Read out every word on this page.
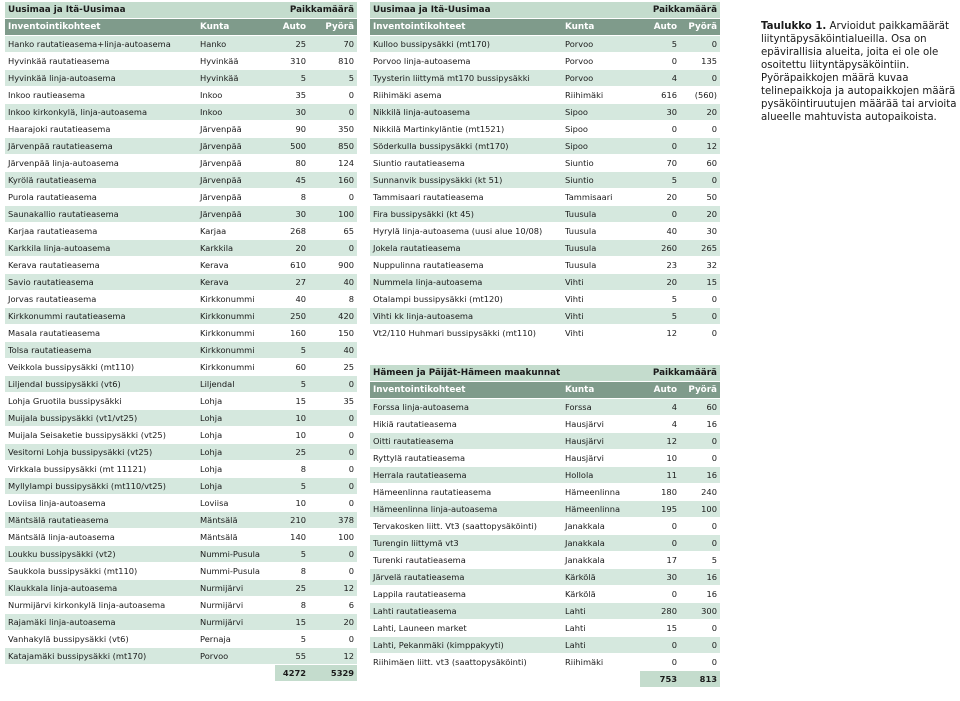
Uusimaa ja Itä-Uusimaa		Paikkamäärä	
Inventointikohteet	Kunta	Auto	Pyörä
Hanko rautatieasema+linja-autoasema	Hanko	25	70
Hyvinkää rautatieasema	Hyvinkää	310	810
Hyvinkää linja-autoasema	Hyvinkää	5	5
Inkoo rautieasema	Inkoo	35	0
Inkoo kirkonkylä, linja-autoasema	Inkoo	30	0
Haarajoki rautatieasema	Järvenpää	90	350
Järvenpää rautatieasema	Järvenpää	500	850
Järvenpää linja-autoasema	Järvenpää	80	124
Kyrölä rautatieasema	Järvenpää	45	160
Purola rautatieasema	Järvenpää	8	0
Saunakallio rautatieasema	Järvenpää	30	100
Karjaa rautatieasema	Karjaa	268	65
Karkkila linja-autoasema	Karkkila	20	0
Kerava rautatieasema	Kerava	610	900
Savio rautatieasema	Kerava	27	40
Jorvas rautatieasema	Kirkkonummi	40	8
Kirkkonummi rautatieasema	Kirkkonummi	250	420
Masala rautatieasema	Kirkkonummi	160	150
Tolsa rautatieasema	Kirkkonummi	5	40
Veikkola bussipysäkki (mt110)	Kirkkonummi	60	25
Liljendal bussipysäkki (vt6)	Liljendal	5	0
Lohja Gruotila bussipysäkki	Lohja	15	35
Muijala bussipysäkki (vt1/vt25)	Lohja	10	0
Muijala Seisaketie bussipysäkki (vt25)	Lohja	10	0
Vesitorni Lohja bussipysäkki (vt25)	Lohja	25	0
Virkkala bussipysäkki (mt 11121)	Lohja	8	0
Myllylampi bussipysäkki (mt110/vt25)	Lohja	5	0
Loviisa linja-autoasema	Loviisa	10	0
Mäntsälä rautatieasema	Mäntsälä	210	378
Mäntsälä linja-autoasema	Mäntsälä	140	100
Loukku bussipysäkki (vt2)	Nummi-Pusula	5	0
Saukkola bussipysäkki (mt110)	Nummi-Pusula	8	0
Klaukkala linja-autoasema	Nurmijärvi	25	12
Nurmijärvi kirkonkylä linja-autoasema	Nurmijärvi	8	6
Rajamäki linja-autoasema	Nurmijärvi	15	20
Vanhakylä bussipysäkki (vt6)	Pernaja	5	0
Katajamäki bussipysäkki (mt170)	Porvoo	55	12
		4272	5329
Uusimaa ja Itä-Uusimaa		Paikkamäärä	
Inventointikohteet	Kunta	Auto	Pyörä
Kulloo bussipysäkki (mt170)	Porvoo	5	0
Porvoo linja-autoasema	Porvoo	0	135
Tyysterin liittymä mt170 bussipysäkki	Porvoo	4	0
Riihimäki asema	Riihimäki	616	(560)
Nikkilä linja-autoasema	Sipoo	30	20
Nikkilä Martinkyläntie (mt1521)	Sipoo	0	0
Söderkulla bussipysäkki (mt170)	Sipoo	0	12
Siuntio rautatieasema	Siuntio	70	60
Sunnanvik bussipysäkki (kt 51)	Siuntio	5	0
Tammisaari rautatieasema	Tammisaari	20	50
Fira bussipysäkki (kt 45)	Tuusula	0	20
Hyrylä linja-autoasema (uusi alue 10/08)	Tuusula	40	30
Jokela rautatieasema	Tuusula	260	265
Nuppulinna rautatieasema	Tuusula	23	32
Nummela linja-autoasema	Vihti	20	15
Otalampi bussipysäkki (mt120)	Vihti	5	0
Vihti kk linja-autoasema	Vihti	5	0
Vt2/110 Huhmari bussipysäkki (mt110)	Vihti	12	0
Hämeen ja Päijät-Hämeen maakunnat		Paikkamäärä	
Inventointikohteet	Kunta	Auto	Pyörä
Forssa linja-autoasema	Forssa	4	60
Hikiä rautatieasema	Hausjärvi	4	16
Oitti rautatieasema	Hausjärvi	12	0
Ryttylä rautatieasema	Hausjärvi	10	0
Herrala rautatieasema	Hollola	11	16
Hämeenlinna rautatieasema	Hämeenlinna	180	240
Hämeenlinna linja-autoasema	Hämeenlinna	195	100
Tervakosken liitt. Vt3 (saattopysäköinti)	Janakkala	0	0
Turengin liittymä vt3	Janakkala	0	0
Turenki rautatieasema	Janakkala	17	5
Järvelä rautatieasema	Kärkölä	30	16
Lappila rautatieasema	Kärkölä	0	16
Lahti rautatieasema	Lahti	280	300
Lahti, Launeen market	Lahti	15	0
Lahti, Pekanmäki (kimppakyyti)	Lahti	0	0
Riihimäen liitt. vt3 (saattopysäköinti)	Riihimäki	0	0
		753	813
Taulukko 1. Arvioidut paikkamäärät liityntäpysäköintialueilla. Osa on epävirallisia alueita, joita ei ole ole osoitettu liityntäpysäköintiin. Pyöräpaikkojen määrä kuvaa telinepaikkoja ja autopaikkojen määrä pysäköintiruutujen määrää tai arvioita alueelle mahtuvista autopaikoista.
